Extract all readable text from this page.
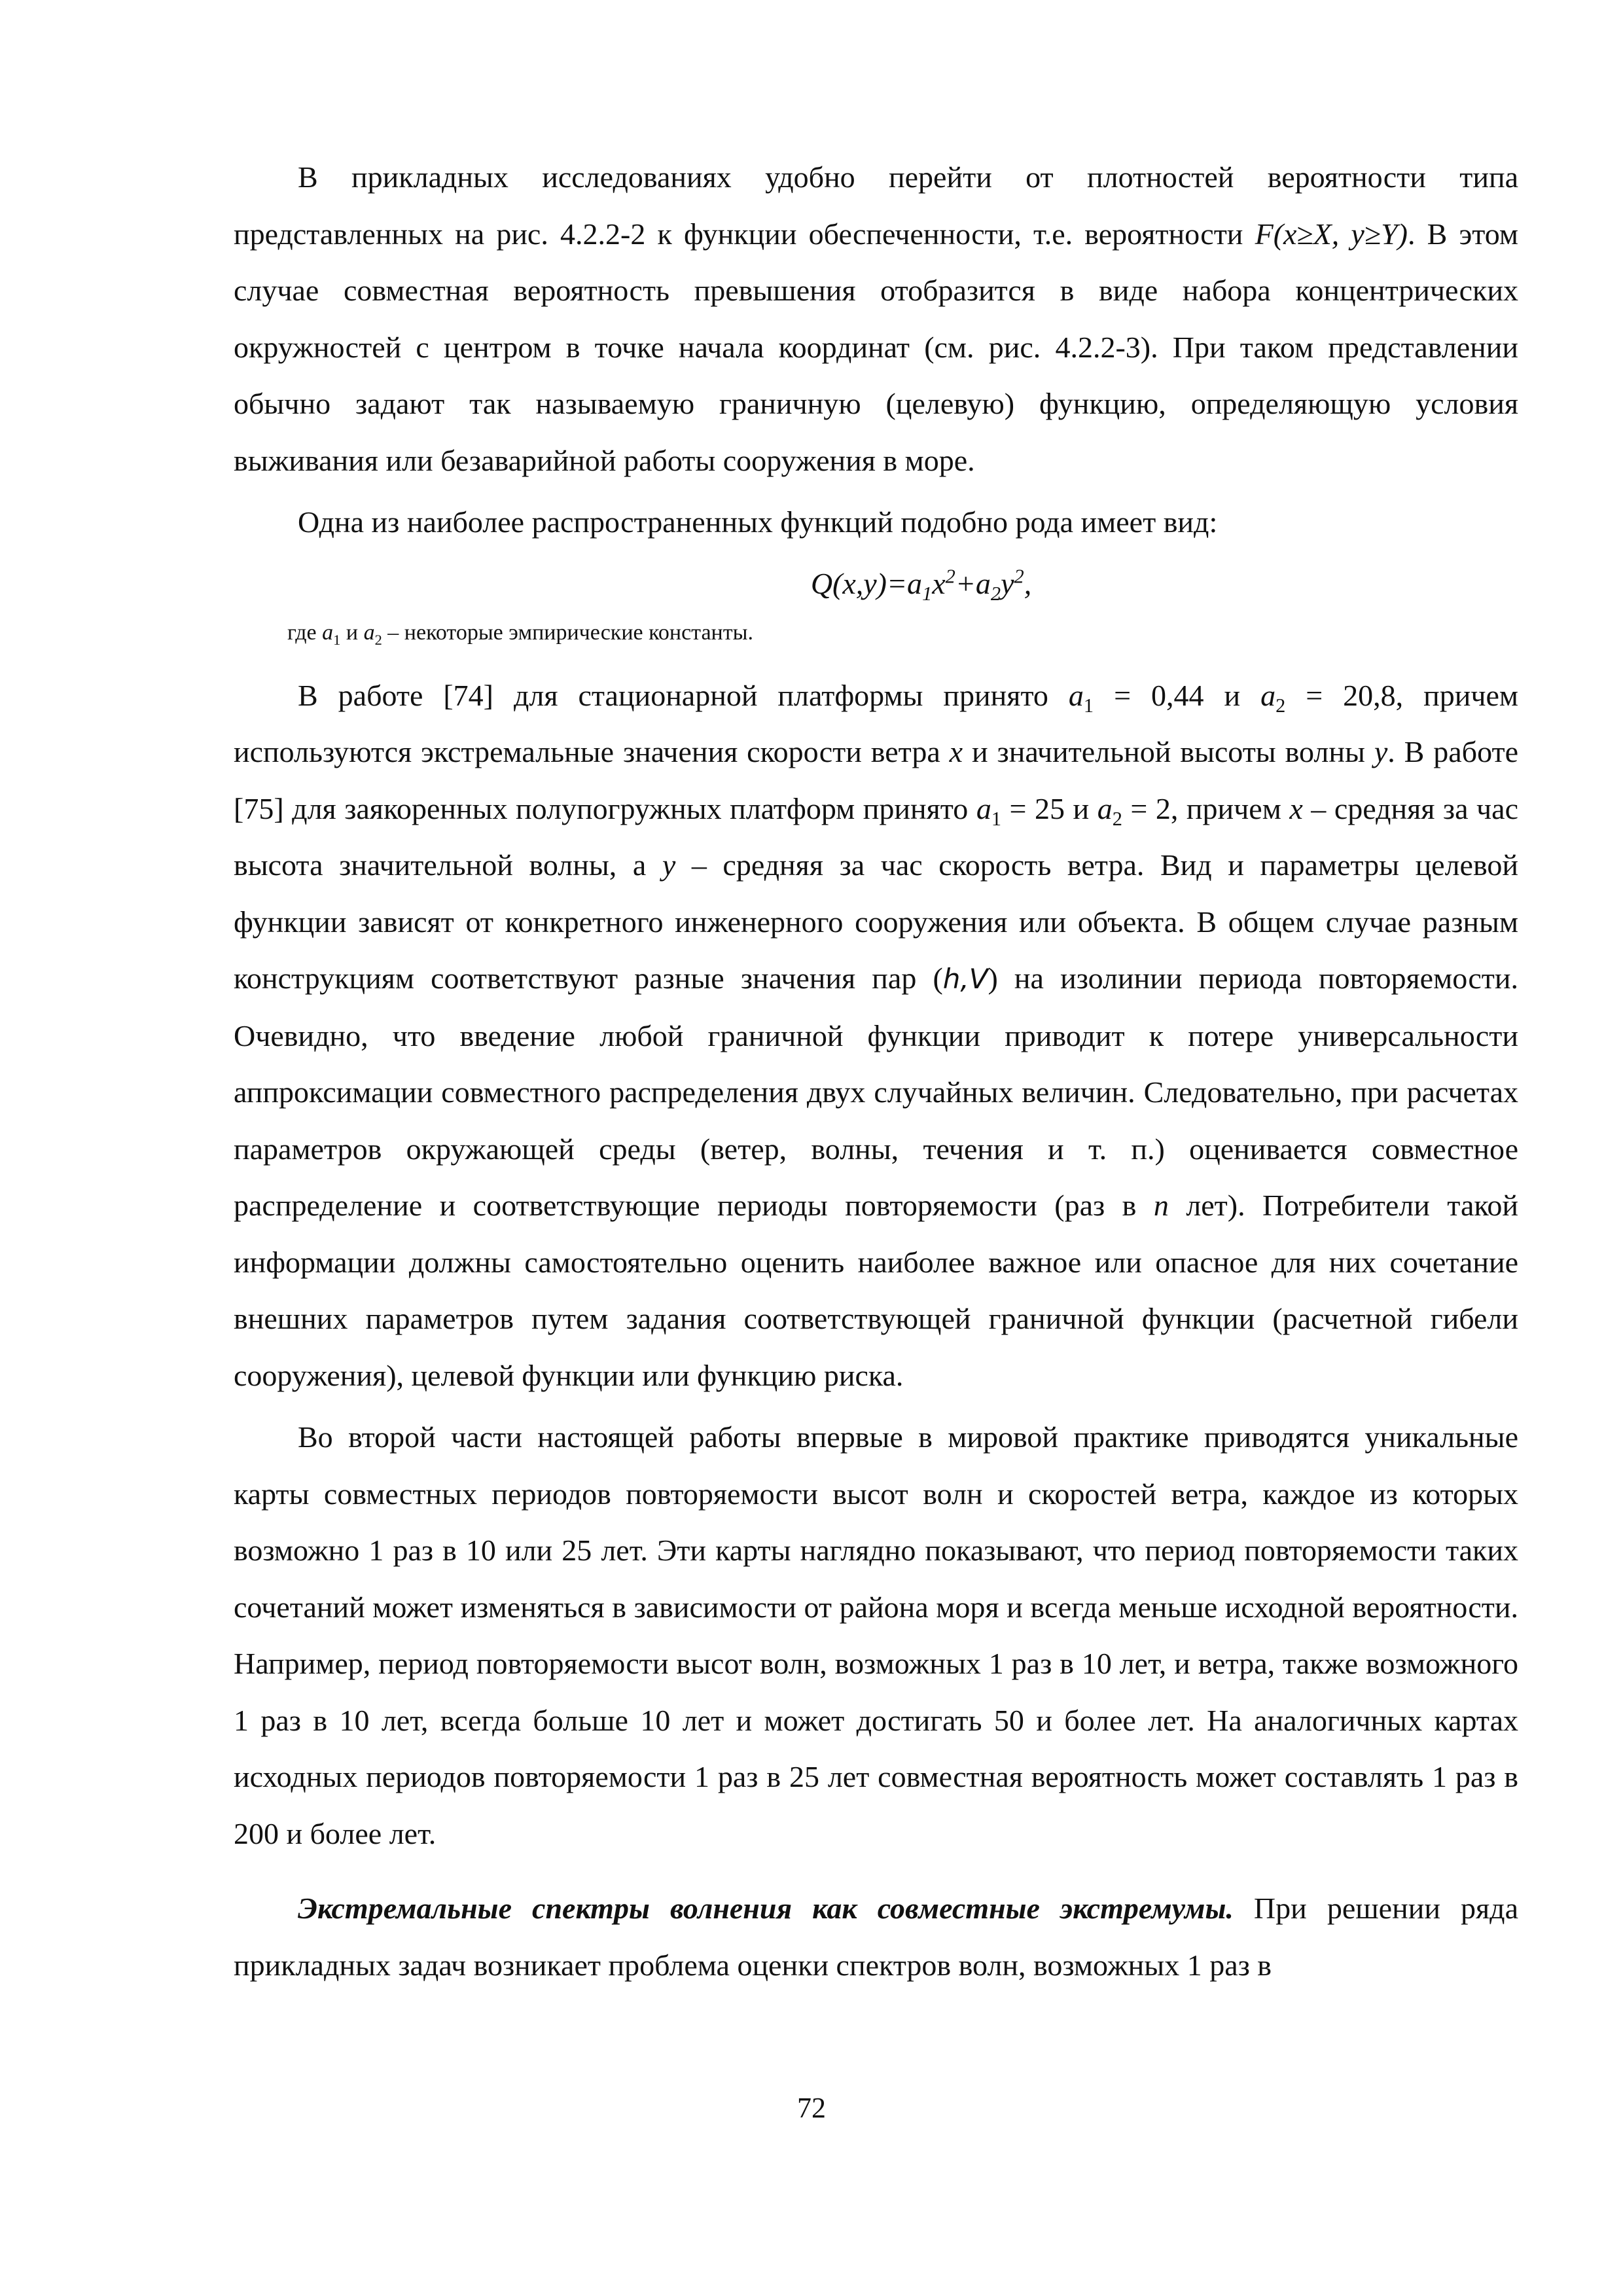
В прикладных исследованиях удобно перейти от плотностей вероятности типа представленных на рис. 4.2.2-2 к функции обеспеченности, т.е. вероятности F(x≥X, y≥Y). В этом случае совместная вероятность превышения отобразится в виде набора концентрических окружностей с центром в точке начала координат (см. рис. 4.2.2-3). При таком представлении обычно задают так называемую граничную (целевую) функцию, определяющую условия выживания или безаварийной работы сооружения в море.

Одна из наиболее распространенных функций подобно рода имеет вид:

$Q(x,y)=a_1x^2+a_2y^2$,

где $a_1$ и $a_2$ – некоторые эмпирические константы.

В работе [74] для стационарной платформы принято $a_1 = 0,44$ и $a_2 = 20,8$, причем используются экстремальные значения скорости ветра x и значительной высоты волны y. В работе [75] для заякоренных полупогружных платформ принято $a_1 = 25$ и $a_2 = 2$, причем x – средняя за час высота значительной волны, а y – средняя за час скорость ветра. Вид и параметры целевой функции зависят от конкретного инженерного сооружения или объекта. В общем случае разным конструкциям соответствуют разные значения пар (h,V) на изолинии периода повторяемости. Очевидно, что введение любой граничной функции приводит к потере универсальности аппроксимации совместного распределения двух случайных величин. Следовательно, при расчетах параметров окружающей среды (ветер, волны, течения и т. п.) оценивается совместное распределение и соответствующие периоды повторяемости (раз в n лет). Потребители такой информации должны самостоятельно оценить наиболее важное или опасное для них сочетание внешних параметров путем задания соответствующей граничной функции (расчетной гибели сооружения), целевой функции или функцию риска.

Во второй части настоящей работы впервые в мировой практике приводятся уникальные карты совместных периодов повторяемости высот волн и скоростей ветра, каждое из которых возможно 1 раз в 10 или 25 лет. Эти карты наглядно показывают, что период повторяемости таких сочетаний может изменяться в зависимости от района моря и всегда меньше исходной вероятности. Например, период повторяемости высот волн, возможных 1 раз в 10 лет, и ветра, также возможного 1 раз в 10 лет, всегда больше 10 лет и может достигать 50 и более лет. На аналогичных картах исходных периодов повторяемости 1 раз в 25 лет совместная вероятность может составлять 1 раз в 200 и более лет.

Экстремальные спектры волнения как совместные экстремумы. При решении ряда прикладных задач возникает проблема оценки спектров волн, возможных 1 раз в

72
